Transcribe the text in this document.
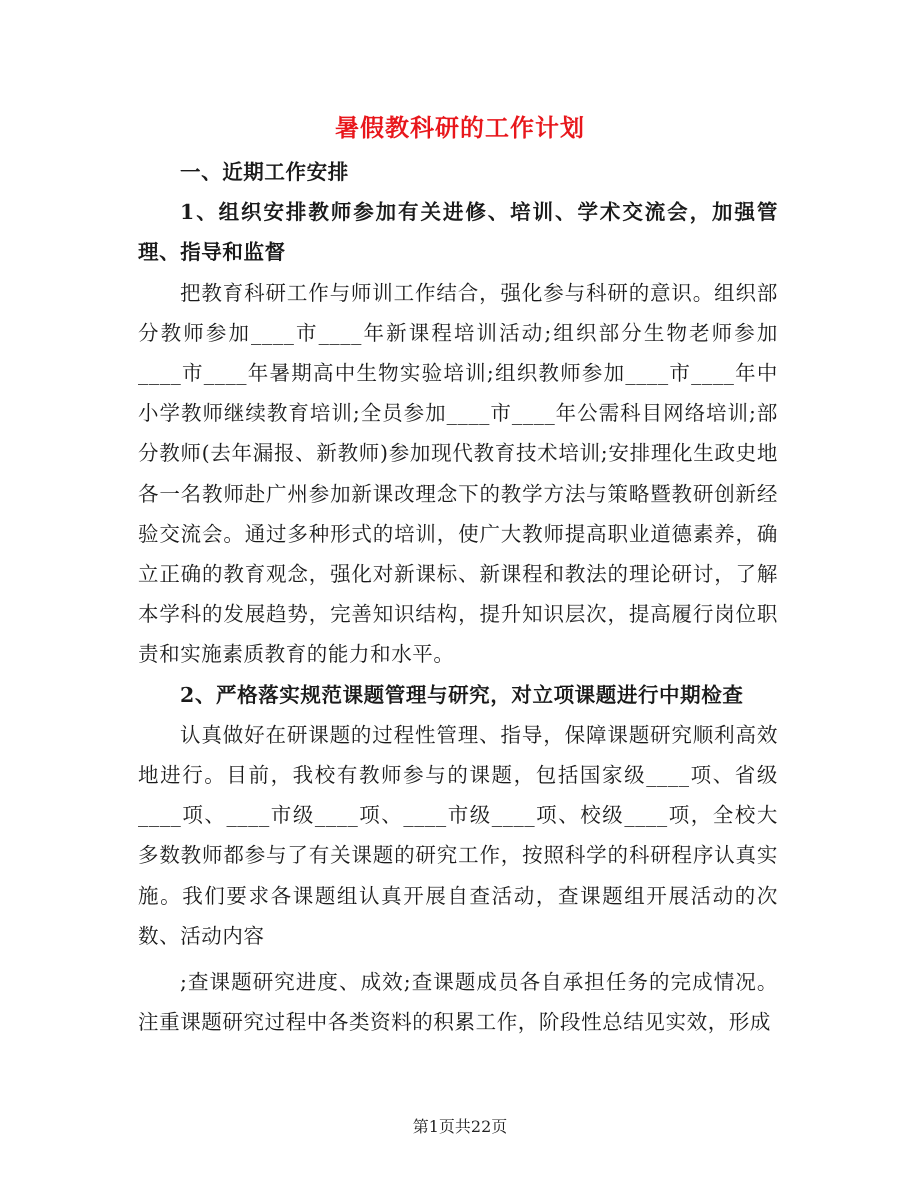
暑假教科研的工作计划

一、近期工作安排

1、组织安排教师参加有关进修、培训、学术交流会，加强管理、指导和监督

把教育科研工作与师训工作结合，强化参与科研的意识。组织部分教师参加____市____年新课程培训活动;组织部分生物老师参加____市____年暑期高中生物实验培训;组织教师参加____市____年中小学教师继续教育培训;全员参加____市____年公需科目网络培训;部分教师(去年漏报、新教师)参加现代教育技术培训;安排理化生政史地各一名教师赴广州参加新课改理念下的教学方法与策略暨教研创新经验交流会。通过多种形式的培训，使广大教师提高职业道德素养，确立正确的教育观念，强化对新课标、新课程和教法的理论研讨，了解本学科的发展趋势，完善知识结构，提升知识层次，提高履行岗位职责和实施素质教育的能力和水平。

2、严格落实规范课题管理与研究，对立项课题进行中期检查

认真做好在研课题的过程性管理、指导，保障课题研究顺利高效地进行。目前，我校有教师参与的课题，包括国家级____项、省级____项、____市级____项、____市级____项、校级____项，全校大多数教师都参与了有关课题的研究工作，按照科学的科研程序认真实施。我们要求各课题组认真开展自查活动，查课题组开展活动的次数、活动内容

;查课题研究进度、成效;查课题成员各自承担任务的完成情况。注重课题研究过程中各类资料的积累工作，阶段性总结见实效，形成

第1页共22页
